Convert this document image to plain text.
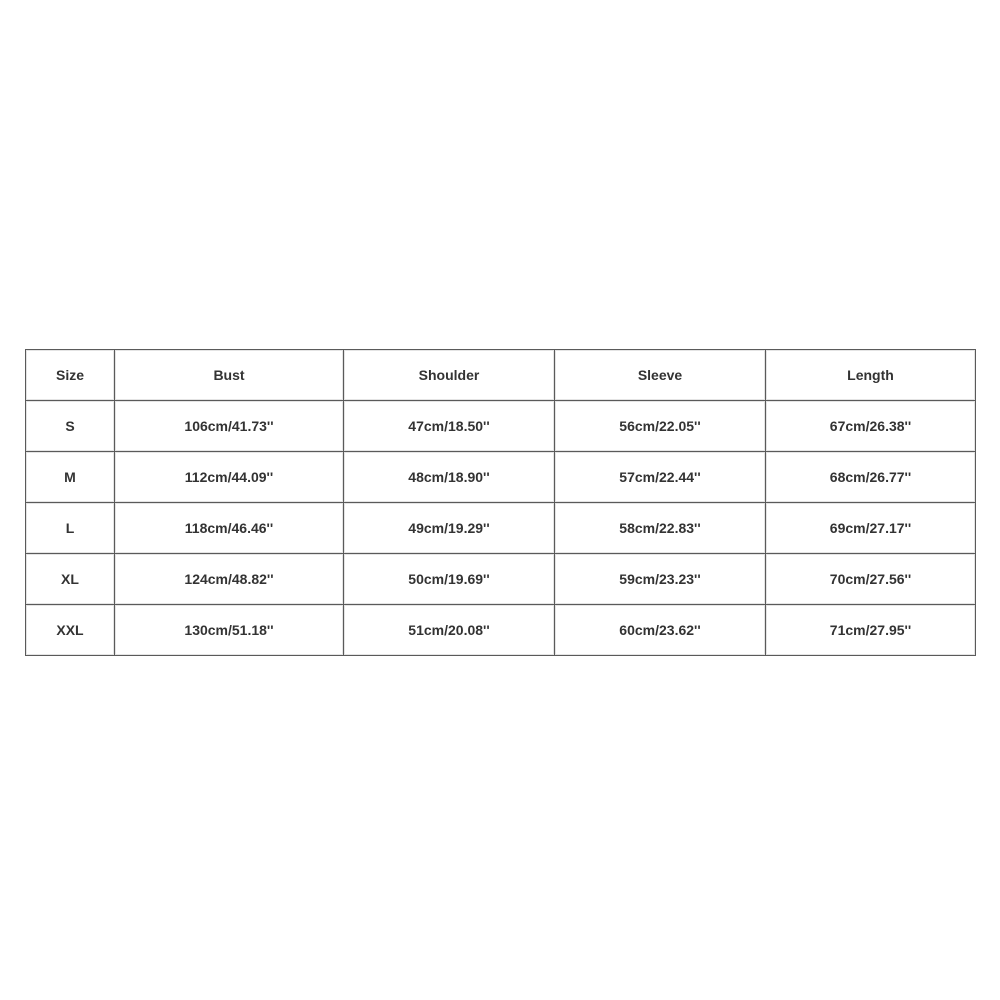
Size	Bust	Shoulder	Sleeve	Length
S	106cm/41.73''	47cm/18.50''	56cm/22.05''	67cm/26.38''
M	112cm/44.09''	48cm/18.90''	57cm/22.44''	68cm/26.77''
L	118cm/46.46''	49cm/19.29''	58cm/22.83''	69cm/27.17''
XL	124cm/48.82''	50cm/19.69''	59cm/23.23''	70cm/27.56''
XXL	130cm/51.18''	51cm/20.08''	60cm/23.62''	71cm/27.95''
